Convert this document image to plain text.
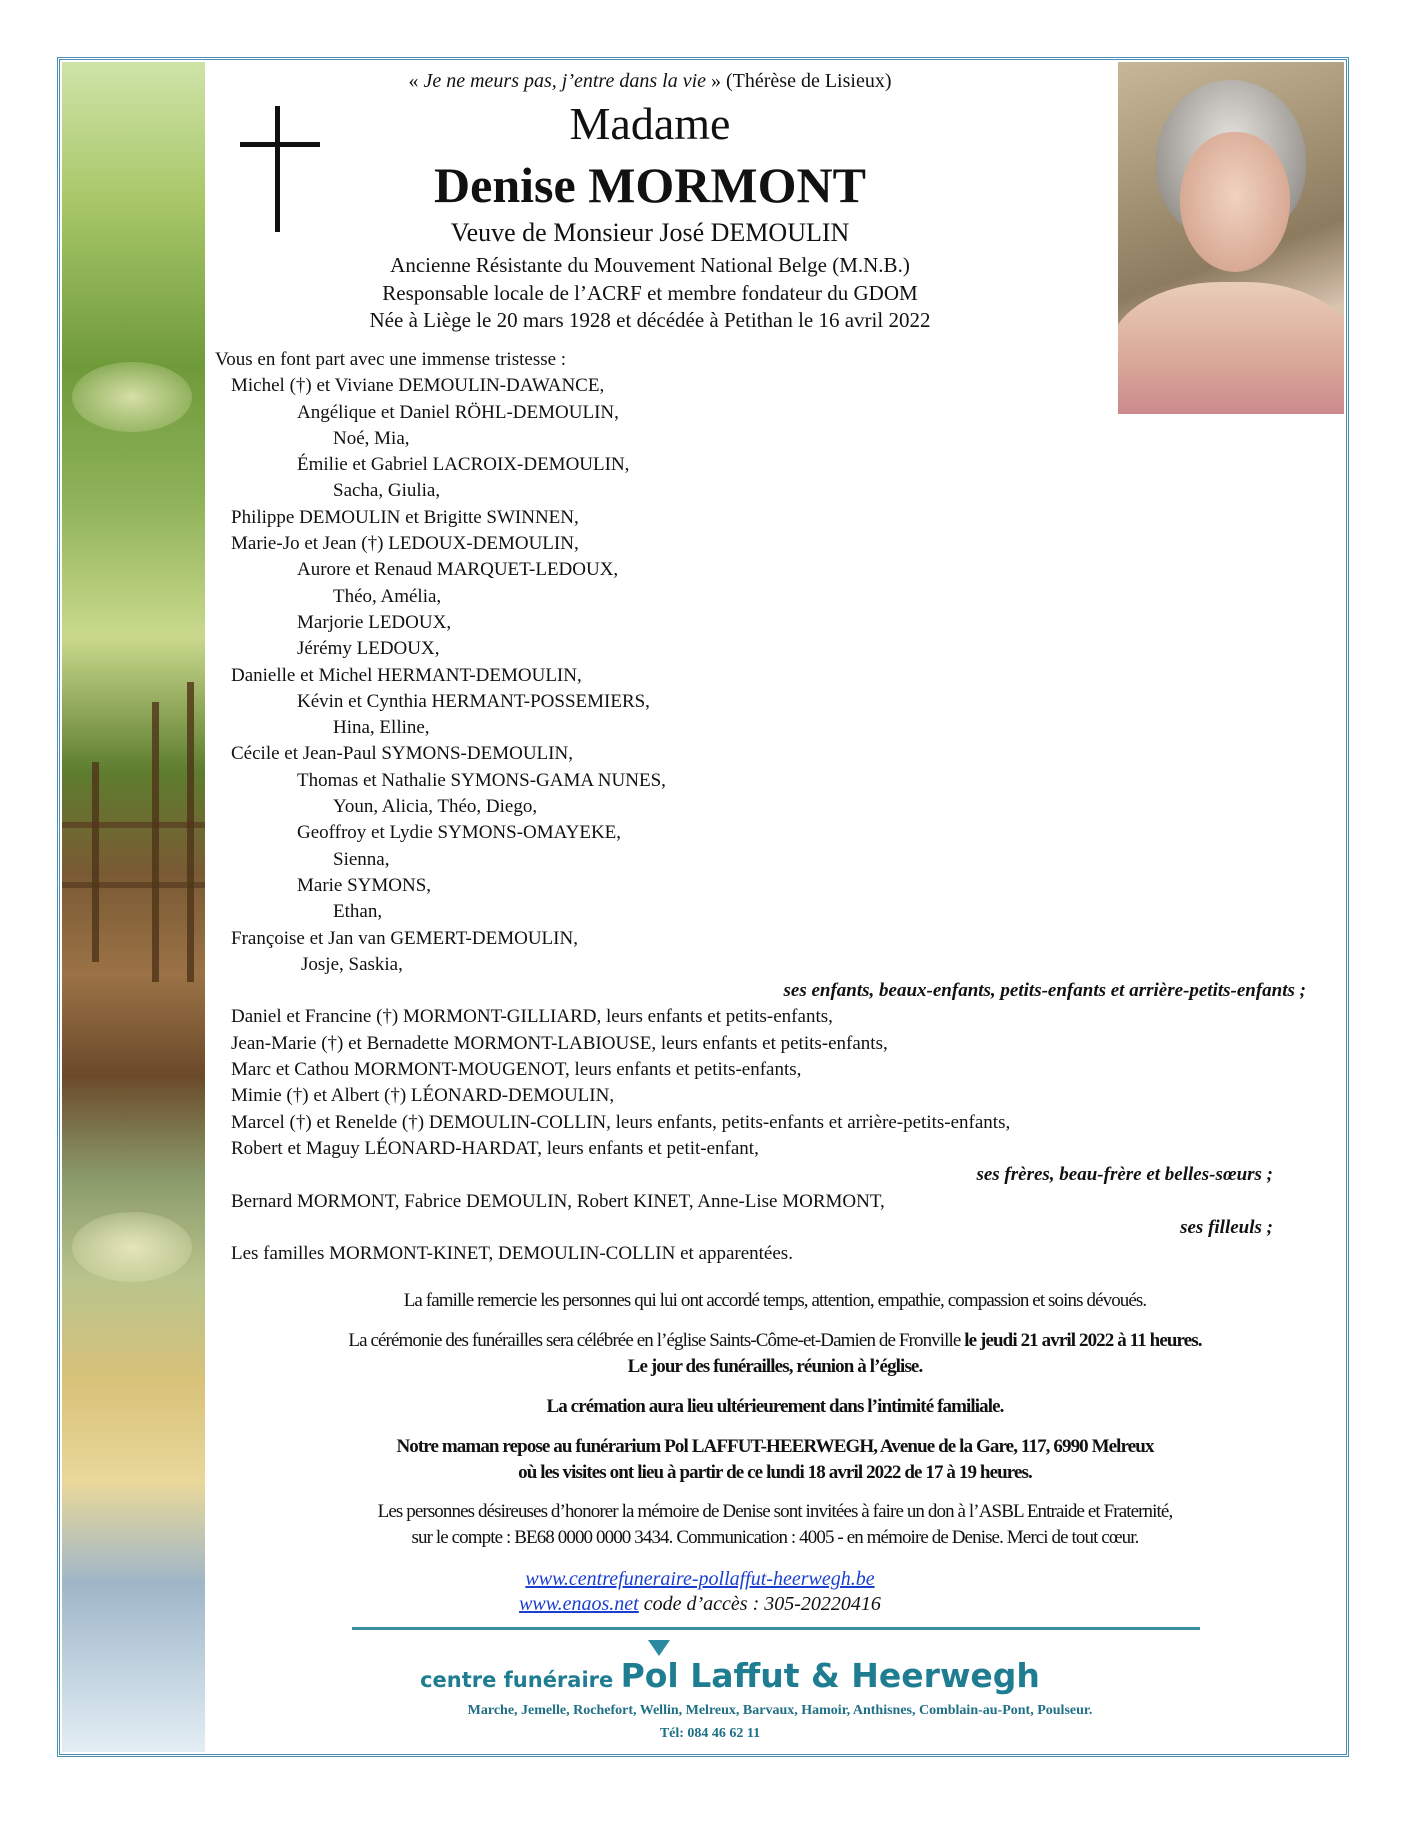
« Je ne meurs pas, j’entre dans la vie » (Thérèse de Lisieux)
Madame
Denise MORMONT
Veuve de Monsieur José DEMOULIN
Ancienne Résistante du Mouvement National Belge (M.N.B.)
Responsable locale de l’ACRF et membre fondateur du GDOM
Née à Liège le 20 mars 1928 et décédée à Petithan le 16 avril 2022
Vous en font part avec une immense tristesse :
Michel (†) et Viviane DEMOULIN-DAWANCE,
Angélique et Daniel RÖHL-DEMOULIN,
Noé, Mia,
Émilie et Gabriel LACROIX-DEMOULIN,
Sacha, Giulia,
Philippe DEMOULIN et Brigitte SWINNEN,
Marie-Jo et Jean (†) LEDOUX-DEMOULIN,
Aurore et Renaud MARQUET-LEDOUX,
Théo, Amélia,
Marjorie LEDOUX,
Jérémy LEDOUX,
Danielle et Michel HERMANT-DEMOULIN,
Kévin et Cynthia HERMANT-POSSEMIERS,
Hina, Elline,
Cécile et Jean-Paul SYMONS-DEMOULIN,
Thomas et Nathalie SYMONS-GAMA NUNES,
Youn, Alicia, Théo, Diego,
Geoffroy et Lydie SYMONS-OMAYEKE,
Sienna,
Marie SYMONS,
Ethan,
Françoise et Jan van GEMERT-DEMOULIN,
Josje, Saskia,
ses enfants, beaux-enfants, petits-enfants et arrière-petits-enfants ;
Daniel et Francine (†) MORMONT-GILLIARD, leurs enfants et petits-enfants,
Jean-Marie (†) et Bernadette MORMONT-LABIOUSE, leurs enfants et petits-enfants,
Marc et Cathou MORMONT-MOUGENOT, leurs enfants et petits-enfants,
Mimie (†) et Albert (†) LÉONARD-DEMOULIN,
Marcel (†) et Renelde (†) DEMOULIN-COLLIN, leurs enfants, petits-enfants et arrière-petits-enfants,
Robert et Maguy LÉONARD-HARDAT, leurs enfants et petit-enfant,
ses frères, beau-frère et belles-sœurs ;
Bernard MORMONT, Fabrice DEMOULIN, Robert KINET, Anne-Lise MORMONT,
ses filleuls ;
Les familles MORMONT-KINET, DEMOULIN-COLLIN et apparentées.
La famille remercie les personnes qui lui ont accordé temps, attention, empathie, compassion et soins dévoués.
La cérémonie des funérailles sera célébrée en l’église Saints-Côme-et-Damien de Fronville le jeudi 21 avril 2022 à 11 heures.
Le jour des funérailles, réunion à l’église.
La crémation aura lieu ultérieurement dans l’intimité familiale.
Notre maman repose au funérarium Pol LAFFUT-HEERWEGH, Avenue de la Gare, 117, 6990 Melreux
où les visites ont lieu à partir de ce lundi 18 avril 2022 de 17 à 19 heures.
Les personnes désireuses d’honorer la mémoire de Denise sont invitées à faire un don à l’ASBL Entraide et Fraternité,
sur le compte : BE68 0000 0000 3434. Communication : 4005 - en mémoire de Denise. Merci de tout cœur.
www.centrefuneraire-pollaffut-heerwegh.be
www.enaos.net code d’accès : 305-20220416
centre funéraire Pol Laffut & Heerwegh
Marche, Jemelle, Rochefort, Wellin, Melreux, Barvaux, Hamoir, Anthisnes, Comblain-au-Pont, Poulseur.
Tél: 084 46 62 11
